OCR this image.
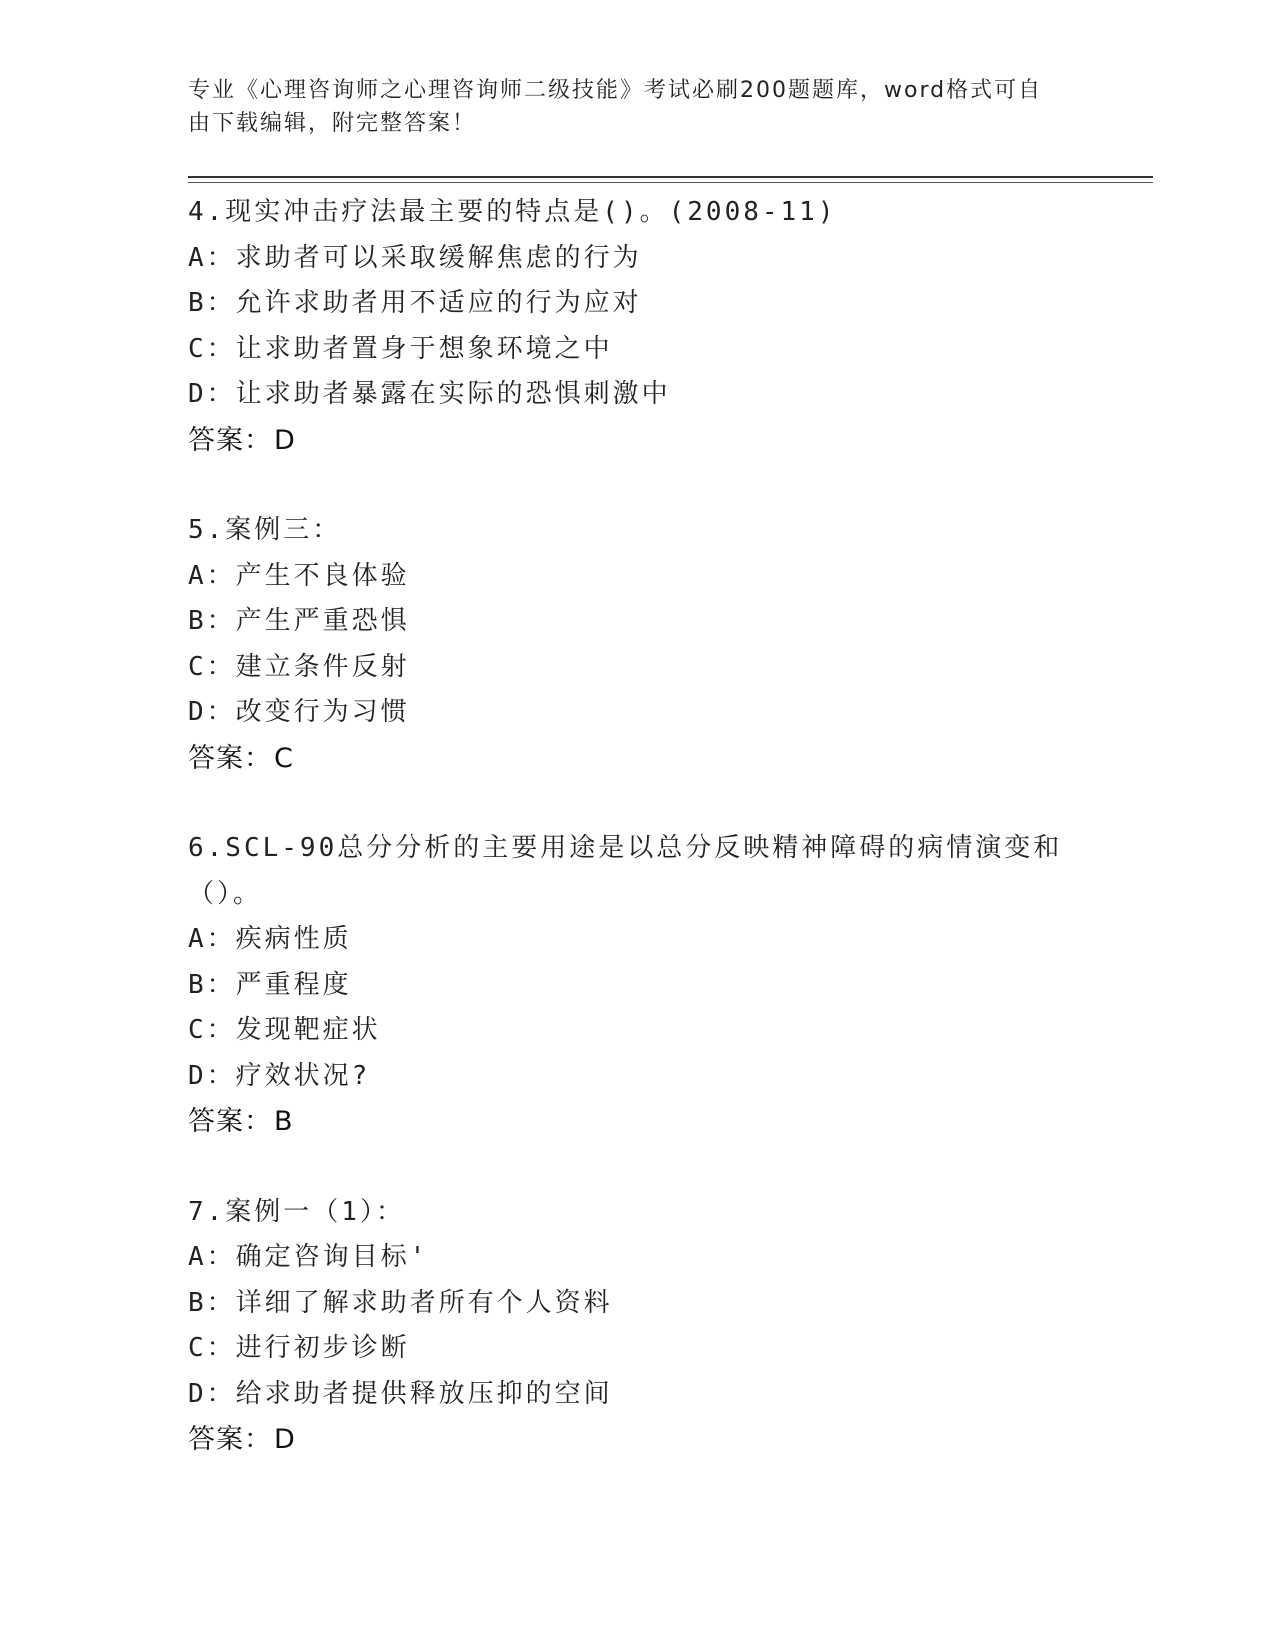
专业《心理咨询师之心理咨询师二级技能》考试必刷200题题库，word格式可自
由下载编辑，附完整答案！
4.现实冲击疗法最主要的特点是()。(2008-11)
A：求助者可以采取缓解焦虑的行为
B：允许求助者用不适应的行为应对
C：让求助者置身于想象环境之中
D：让求助者暴露在实际的恐惧刺激中
答案：D
5.案例三：
A：产生不良体验
B：产生严重恐惧
C：建立条件反射
D：改变行为习惯
答案：C
6.SCL-90总分分析的主要用途是以总分反映精神障碍的病情演变和（）。
A：疾病性质
B：严重程度
C：发现靶症状
D：疗效状况?
答案：B
7.案例一（1）：
A：确定咨询目标'
B：详细了解求助者所有个人资料
C：进行初步诊断
D：给求助者提供释放压抑的空间
答案：D
